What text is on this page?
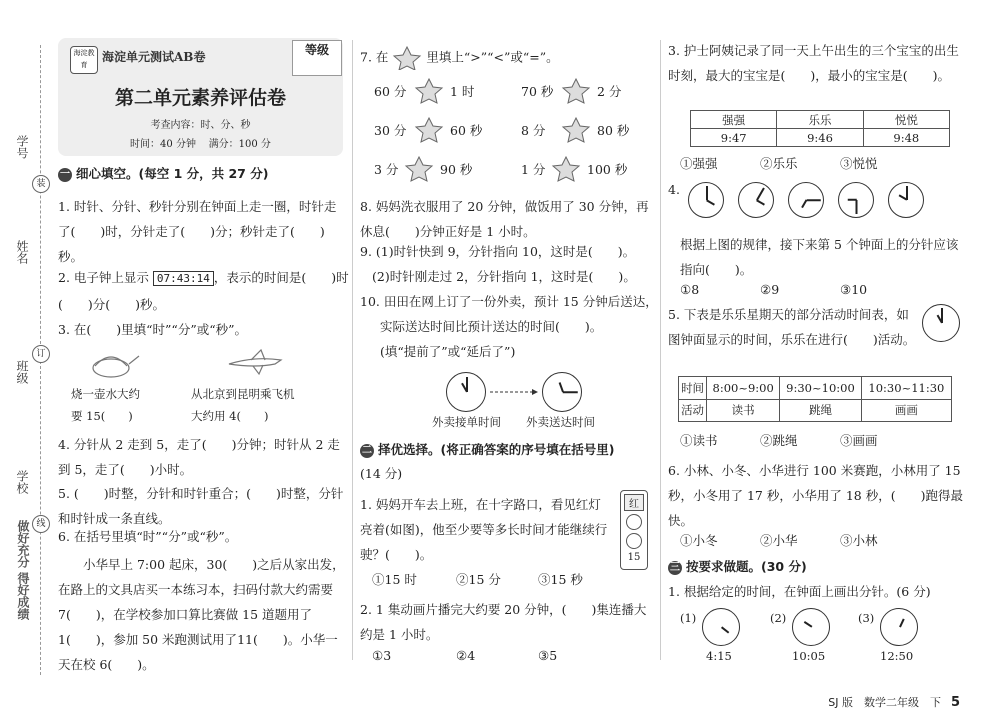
学号
姓名
班级
学校
装
订
线
做好充分 得好成绩
海淀教育
海淀单元测试AB卷	等级
第二单元素养评估卷
考查内容：时、分、秒
时间：40 分钟 满分：100 分
一 细心填空。(每空 1 分，共 27 分)
1. 时针、分针、秒针分别在钟面上走一圈，时针走了(　　)时，分针走了(　　)分；秒针走了(　　)秒。
2. 电子钟上显示 07:43:14 ，表示的时间是(　　)时
(　　)分(　　)秒。
3. 在(　　)里填“时”“分”或“秒”。
烧一壶水大约
要 15(　　)
从北京到昆明乘飞机
大约用 4(　　)
4. 分针从 2 走到 5，走了(　　)分钟；时针从 2 走到 5，走了(　　)小时。
5. (　　)时整，分针和时针重合；(　　)时整，分针和时针成一条直线。
6. 在括号里填“时”“分”或“秒”。
小华早上 7:00 起床，30(　　)之后从家出发，在路上的文具店买一本练习本，扫码付款大约需要 7(　　)，在学校参加口算比赛做 15 道题用了 1(　　)，参加 50 米跑测试用了11(　　)。小华一天在校 6(　　)。
7. 在	里填上“>”“<”或“=”。
60 分	1 时	70 秒	2 分
30 分	60 秒	8 分	80 秒
3 分	90 秒	1 分	100 秒
8. 妈妈洗衣服用了 20 分钟，做饭用了 30 分钟，再休息(　　)分钟正好是 1 小时。
9. (1)时针快到 9，分针指向 10，这时是(　　)。
(2)时针刚走过 2，分针指向 1，这时是(　　)。
10. 田田在网上订了一份外卖，预计 15 分钟后送达，
实际送达时间比预计送达的时间(　　)。
(填“提前了”或“延后了”)
外卖接单时间 外卖送达时间
二 择优选择。(将正确答案的序号填在括号里)
(14 分)
1. 妈妈开车去上班，在十字路口，看见红灯亮着(如图)，他至少要等多长时间才能继续行驶？(　　)。
红
15
①15 时	②15 分	③15 秒
2. 1 集动画片播完大约要 20 分钟，(　　)集连播大约是 1 小时。
①3	②4	③5
3. 护士阿姨记录了同一天上午出生的三个宝宝的出生时刻，最大的宝宝是(　　)，最小的宝宝是(　　)。
强强	乐乐	悦悦
9:47	9:46	9:48
①强强	②乐乐	③悦悦
4.
根据上图的规律，接下来第 5 个钟面上的分针应该指向(　　)。
①8	②9	③10
5. 下表是乐乐星期天的部分活动时间表，如图钟面显示的时间，乐乐在进行(　　)活动。
时间	8:00~9:00	9:30~10:00	10:30~11:30
活动	读书	跳绳	画画
①读书	②跳绳	③画画
6. 小林、小冬、小华进行 100 米赛跑，小林用了 15 秒，小冬用了 17 秒，小华用了 18 秒，(　　)跑得最快。
①小冬	②小华	③小林
三 按要求做题。(30 分)
1. 根据给定的时间，在钟面上画出分针。(6 分)
(1)
4:15
(2)
10:05
(3)
12:50
SJ 版　数学二年级　下 5
